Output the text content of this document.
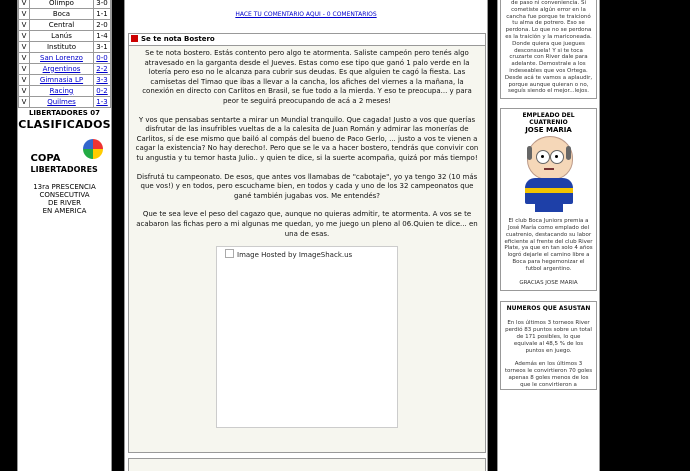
V	Olimpo	3-0
V	Boca	1-1
V	Central	2-0
V	Lanús	1-4
V	Instituto	3-1
V	San Lorenzo	0-0
V	Argentinos	2-2
V	Gimnasia LP	3-3
V	Racing	0-2
V	Quilmes	1-3
LIBERTADORES 07
CLASIFICADOS
COPA
LIBERTADORES
13ra PRESCENCIA
CONSECUTIVA
DE RIVER
EN AMERICA
HACE TU COMENTARIO AQUI - 0 COMENTARIOS
Se te nota Bostero

Se te nota bostero. Estás contento pero algo te atormenta. Saliste campeón pero tenés algo atravesado en la garganta desde el Jueves. Estas como ese tipo que ganó 1 palo verde en la lotería pero eso no le alcanza para cubrir sus deudas. Es que alguien te cagó la fiesta. Las camisetas del Timao que ibas a llevar a la cancha, los afiches del viernes a la mañana, la conexión en directo con Carlitos en Brasil, se fue todo a la mierda. Y eso te preocupa... y para peor te seguirá preocupando de acá a 2 meses!

Y vos que pensabas sentarte a mirar un Mundial tranquilo. Que cagada! Justo a vos que querías disfrutar de las insufribles vueltas de a la calesita de Juan Román y admirar las monerías de Carlitos, sí de ese mismo que bailó al compás del bueno de Paco Gerlo, ... justo a vos te vienen a cagar la existencia? No hay derecho!. Pero que se le va a hacer bostero, tendrás que convivir con tu angustia y tu temor hasta Julio.. y quien te dice, si la suerte acompaña, quizá por más tiempo!

Disfrutá tu campeonato. De esos, que antes vos llamabas de "cabotaje", yo ya tengo 32 (10 más que vos!) y en todos, pero escuchame bien, en todos y cada y uno de los 32 campeonatos que gané también jugabas vos. Me entendés?

Que te sea leve el peso del cagazo que, aunque no quieras admitir, te atormenta. A vos se te acabaron las fichas pero a mi algunas me quedan, yo me juego un pleno al 06.Quien te dice... en una de esas.

Image Hosted by ImageShack.us

de paso ni conveniencia. Si cometiste algún error en la cancha fue porque te traicionó tu alma de potrero. Eso se perdona. Lo que no se perdona es la traición y la mariconeada. Donde quiera que juegues desconsuela! Y si te toca cruzarte con River dale para adelante. Demostrale a los indeseables que vos Ortega. Desde acá te vamos a aplaudir, porque aunque quieran o no, seguís siendo el mejor...lejos.

EMPLEADO DEL CUATRENIO
JOSE MARIA

El club Boca Juniors premia a José María como emplado del cuatrenio, destacando su labor eficiente al frente del club River Plate, ya que en tan solo 4 años logró dejarle el camino libre a Boca para hegemonizar el futbol argentino.

GRACIAS JOSE MARIA

NUMEROS QUE ASUSTAN

En los últimos 3 torneos River perdió 83 puntos sobre un total de 171 posibles, lo que equivale al 48,5 % de los puntos en juego.

Además en los últimos 3 torneos le convirtieron 70 goles apenas 8 goles menos de los que le convirtieron a
